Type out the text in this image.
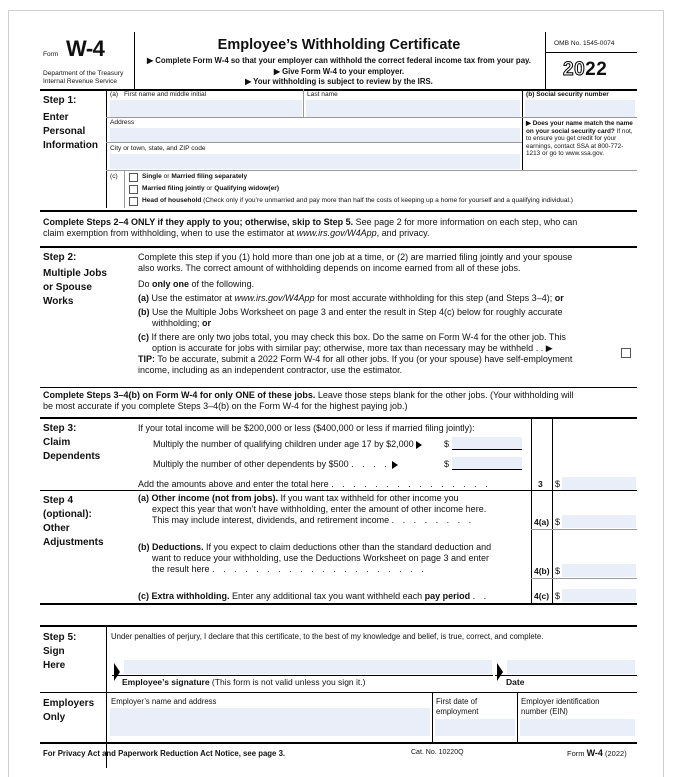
Form W-4
Department of the Treasury
Internal Revenue Service
Employee’s Withholding Certificate
▶ Complete Form W-4 so that your employer can withhold the correct federal income tax from your pay.
▶ Give Form W-4 to your employer.
▶ Your withholding is subject to review by the IRS.
OMB No. 1545-0074
2022
Step 1:
Enter
Personal
Information
(a) First name and middle initial	Last name	(b) Social security number
Address
City or town, state, and ZIP code
▶ Does your name match the name on your social security card? If not, to ensure you get credit for your earnings, contact SSA at 800-772-1213 or go to www.ssa.gov.
(c)	Single or Married filing separately
Married filing jointly or Qualifying widow(er)
Head of household (Check only if you’re unmarried and pay more than half the costs of keeping up a home for yourself and a qualifying individual.)
Complete Steps 2–4 ONLY if they apply to you; otherwise, skip to Step 5. See page 2 for more information on each step, who can
claim exemption from withholding, when to use the estimator at www.irs.gov/W4App, and privacy.
Step 2:
Multiple Jobs
or Spouse
Works
Complete this step if you (1) hold more than one job at a time, or (2) are married filing jointly and your spouse
also works. The correct amount of withholding depends on income earned from all of these jobs.
Do only one of the following.
(a) Use the estimator at www.irs.gov/W4App for most accurate withholding for this step (and Steps 3–4); or
(b) Use the Multiple Jobs Worksheet on page 3 and enter the result in Step 4(c) below for roughly accurate
withholding; or
(c) If there are only two jobs total, you may check this box. Do the same on Form W-4 for the other job. This
option is accurate for jobs with similar pay; otherwise, more tax than necessary may be withheld . . ▶
TIP: To be accurate, submit a 2022 Form W-4 for all other jobs. If you (or your spouse) have self-employment
income, including as an independent contractor, use the estimator.
Complete Steps 3–4(b) on Form W-4 for only ONE of these jobs. Leave those steps blank for the other jobs. (Your withholding will
be most accurate if you complete Steps 3–4(b) on the Form W-4 for the highest paying job.)
Step 3:
Claim
Dependents
If your total income will be $200,000 or less ($400,000 or less if married filing jointly):
Multiply the number of qualifying children under age 17 by $2,000	$
Multiply the number of other dependents by $500 . . . .	$
Add the amounts above and enter the total here . . . . . . . . . . . . . . .	3 $
Step 4
(optional):
Other
Adjustments
(a) Other income (not from jobs). If you want tax withheld for other income you
expect this year that won’t have withholding, enter the amount of other income here.
This may include interest, dividends, and retirement income . . . . . . . .	4(a) $
(b) Deductions. If you expect to claim deductions other than the standard deduction and
want to reduce your withholding, use the Deductions Worksheet on page 3 and enter
the result here . . . . . . . . . . . . . . . . . . . .	4(b) $
(c) Extra withholding. Enter any additional tax you want withheld each pay period . .	4(c) $
Step 5:
Sign
Here
Under penalties of perjury, I declare that this certificate, to the best of my knowledge and belief, is true, correct, and complete.
Employee’s signature (This form is not valid unless you sign it.)	Date
Employers
Only
Employer’s name and address	First date of
employment
Employer identification
number (EIN)
For Privacy Act and Paperwork Reduction Act Notice, see page 3.	Cat. No. 10220Q	Form W-4 (2022)
